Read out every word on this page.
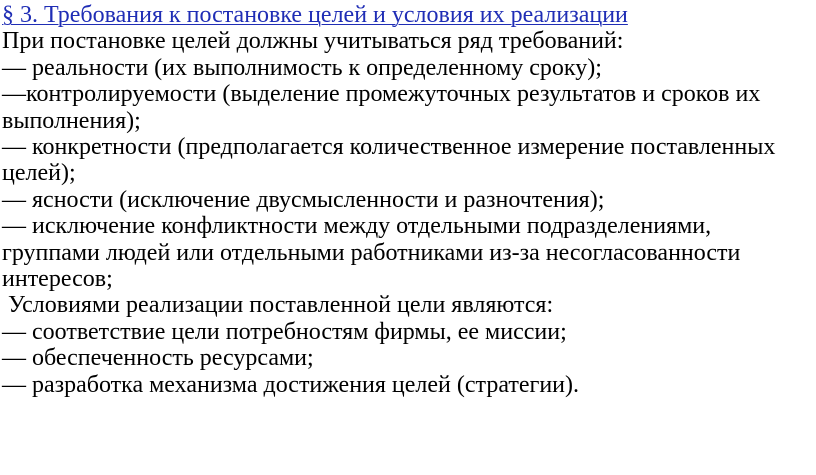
§ 3. Требования к постановке целей и условия их реализации
При постановке целей должны учитываться ряд требований:
— реальности (их выполнимость к определенному сроку);
—контролируемости (выделение промежуточных результатов и сроков их
выполнения);
— конкретности (предполагается количественное измерение поставленных
целей);
— ясности (исключение двусмысленности и разночтения);
— исключение конфликтности между отдельными подразделениями,
группами людей или отдельными работниками из-за несогласованности
интересов;
Условиями реализации поставленной цели являются:
— соответствие цели потребностям фирмы, ее миссии;
— обеспеченность ресурсами;
— разработка механизма достижения целей (стратегии).
